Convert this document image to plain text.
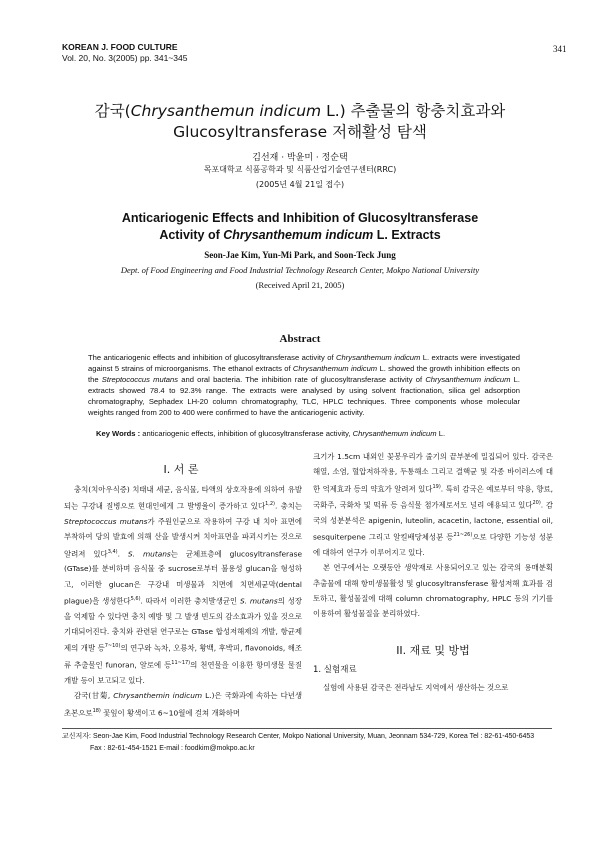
KOREAN J. FOOD CULTURE
Vol. 20, No. 3(2005) pp. 341~345
341
감국(Chrysanthemun indicum L.) 추출물의 항충치효과와
Glucosyltransferase 저해활성 탐색
김선재 · 박윤미 · 정순택
목포대학교 식품공학과 및 식품산업기술연구센터(RRC)
(2005년 4월 21일 접수)
Anticariogenic Effects and Inhibition of Glucosyltransferase
Activity of Chrysanthemum indicum L. Extracts
Seon-Jae Kim, Yun-Mi Park, and Soon-Teck Jung
Dept. of Food Engineering and Food Industrial Technology Research Center, Mokpo National University
(Received April 21, 2005)
Abstract
The anticariogenic effects and inhibition of glucosyltransferase activity of Chrysanthemum indicum L. extracts were investigated against 5 strains of microorganisms. The ethanol extracts of Chrysanthemum indicum L. showed the growth inhibition effects on the Streptococcus mutans and oral bacteria. The inhibition rate of glucosyltransferase activity of Chrysanthemum indicum L. extracts showed 78.4 to 92.3% range. The extracts were analysed by using solvent fractionation, silica gel adsorption chromatography, Sephadex LH-20 column chromatography, TLC, HPLC techniques. Three components whose molecular weights ranged from 200 to 400 were confirmed to have the anticariogenic activity.
Key Words : anticariogenic effects, inhibition of glucosyltransferase activity, Chrysanthemum indicum L.
I. 서 론

충치(치아우식증) 치태내 세균, 음식물, 타액의 상호작용에 의하여 유발되는 구강내 질병으로 현대인에게 그 발병율이 증가하고 있다$^{1,2)}$. 충치는 Streptococcus mutans가 주원인균으로 작용하여 구강 내 치아 표면에 부착하여 당의 발효에 의해 산을 발생시켜 치아표면을 파괴시키는 것으로 알려져 있다$^{3,4)}$. S. mutans는 균체표층에 glucosyltransferase (GTase)를 분비하며 음식물 중 sucrose로부터 불용성 glucan을 형성하고, 이러한 glucan은 구강내 미생물과 치면에 치면세균막(dental plague)을 생성한다$^{5,6)}$. 따라서 이러한 충치발생균인 S. mutans의 성장을 억제할 수 있다면 충치 예방 및 그 발생 빈도의 감소효과가 있을 것으로 기대되어진다. 충치와 관련된 연구로는 GTase 합성저해제의 개발, 항균제제의 개발 등$^{7\sim 10)}$의 연구와 녹차, 오룡차, 황백, 후박피, flavonoids, 해조류 추출물인 funoran, 알로에 등$^{11\sim 17)}$의 천연물을 이용한 항미생물 물질 개발 등이 보고되고 있다.

감국(甘菊, Chrysanthemin indicum L.)은 국화과에 속하는 다년생 초본으로$^{18)}$ 꽃잎이 황색이고 6~10월에 걸쳐 개화하며

크기가 1.5cm 내외인 꽃봉우리가 줄기의 끝부분에 밀집되어 있다. 감국은 해열, 소염, 혈압저하작용, 두통해소 그리고 결핵균 및 각종 바이러스에 대한 억제효과 등의 약효가 알려져 있다$^{19)}$. 특히 감국은 예로부터 약용, 향료, 국화주, 국화차 및 떡류 등 음식물 첨가제로서도 널리 애용되고 있다$^{20)}$. 감국의 성분분석은 apigenin, luteolin, acacetin, lactone, essential oil, sesquiterpene 그리고 알킬배당체성분 등$^{21\sim 26)}$으로 다양한 기능성 성분에 대하여 연구가 이루어지고 있다.

본 연구에서는 오랫동안 생약재로 사용되어오고 있는 감국의 용매분획추출물에 대해 항미생물활성 및 glucosyltransferase 활성저해 효과를 검토하고, 활성물질에 대해 column chromatography, HPLC 등의 기기를 이용하여 활성물질을 분리하였다.

II. 재료 및 방법
1. 실험재료

실험에 사용된 감국은 전라남도 지역에서 생산하는 것으로

교신저자: Seon-Jae Kim, Food Industrial Technology Research Center, Mokpo National University, Muan, Jeonnam 534-729, Korea Tel : 82-61-450-6453
Fax : 82-61-454-1521 E-mail : foodkim@mokpo.ac.kr
